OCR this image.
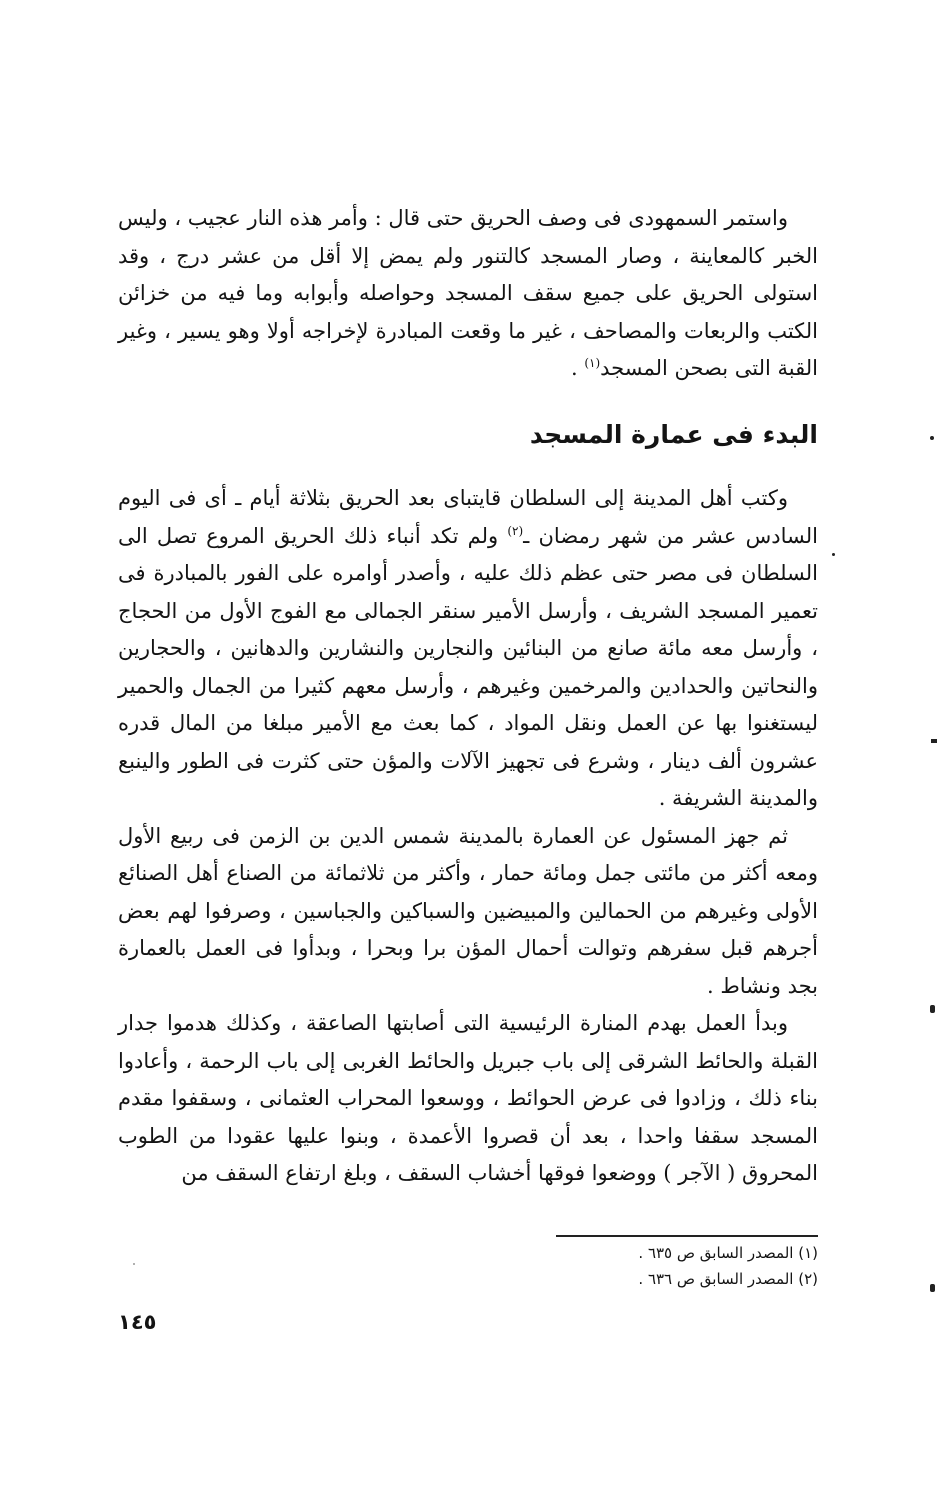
واستمر السمهودى فى وصف الحريق حتى قال : وأمر هذه النار عجيب ، وليس الخبر كالمعاينة ، وصار المسجد كالتنور ولم يمض إلا أقل من عشر درج ، وقد استولى الحريق على جميع سقف المسجد وحواصله وأبوابه وما فيه من خزائن الكتب والربعات والمصاحف ، غير ما وقعت المبادرة لإخراجه أولا وهو يسير ، وغير القبة التى بصحن المسجد$^{(١)}$ .

البدء فى عمارة المسجد

وكتب أهل المدينة إلى السلطان قايتباى بعد الحريق بثلاثة أيام ـ أى فى اليوم السادس عشر من شهر رمضان ـ$^{(٢)}$ ولم تكد أنباء ذلك الحريق المروع تصل الى السلطان فى مصر حتى عظم ذلك عليه ، وأصدر أوامره على الفور بالمبادرة فى تعمير المسجد الشريف ، وأرسل الأمير سنقر الجمالى مع الفوج الأول من الحجاج ، وأرسل معه مائة صانع من البنائين والنجارين والنشارين والدهانين ، والحجارين والنحاتين والحدادين والمرخمين وغيرهم ، وأرسل معهم كثيرا من الجمال والحمير ليستغنوا بها عن العمل ونقل المواد ، كما بعث مع الأمير مبلغا من المال قدره عشرون ألف دينار ، وشرع فى تجهيز الآلات والمؤن حتى كثرت فى الطور والينبع والمدينة الشريفة .

ثم جهز المسئول عن العمارة بالمدينة شمس الدين بن الزمن فى ربيع الأول ومعه أكثر من مائتى جمل ومائة حمار ، وأكثر من ثلاثمائة من الصناع أهل الصنائع الأولى وغيرهم من الحمالين والمبيضين والسباكين والجباسين ، وصرفوا لهم بعض أجرهم قبل سفرهم وتوالت أحمال المؤن برا وبحرا ، وبدأوا فى العمل بالعمارة بجد ونشاط .

وبدأ العمل بهدم المنارة الرئيسية التى أصابتها الصاعقة ، وكذلك هدموا جدار القبلة والحائط الشرقى إلى باب جبريل والحائط الغربى إلى باب الرحمة ، وأعادوا بناء ذلك ، وزادوا فى عرض الحوائط ، ووسعوا المحراب العثمانى ، وسقفوا مقدم المسجد سقفا واحدا ، بعد أن قصروا الأعمدة ، وبنوا عليها عقودا من الطوب المحروق ( الآجر ) ووضعوا فوقها أخشاب السقف ، وبلغ ارتفاع السقف من

(١) المصدر السابق ص ٦٣٥ .
(٢) المصدر السابق ص ٦٣٦ .
١٤٥
